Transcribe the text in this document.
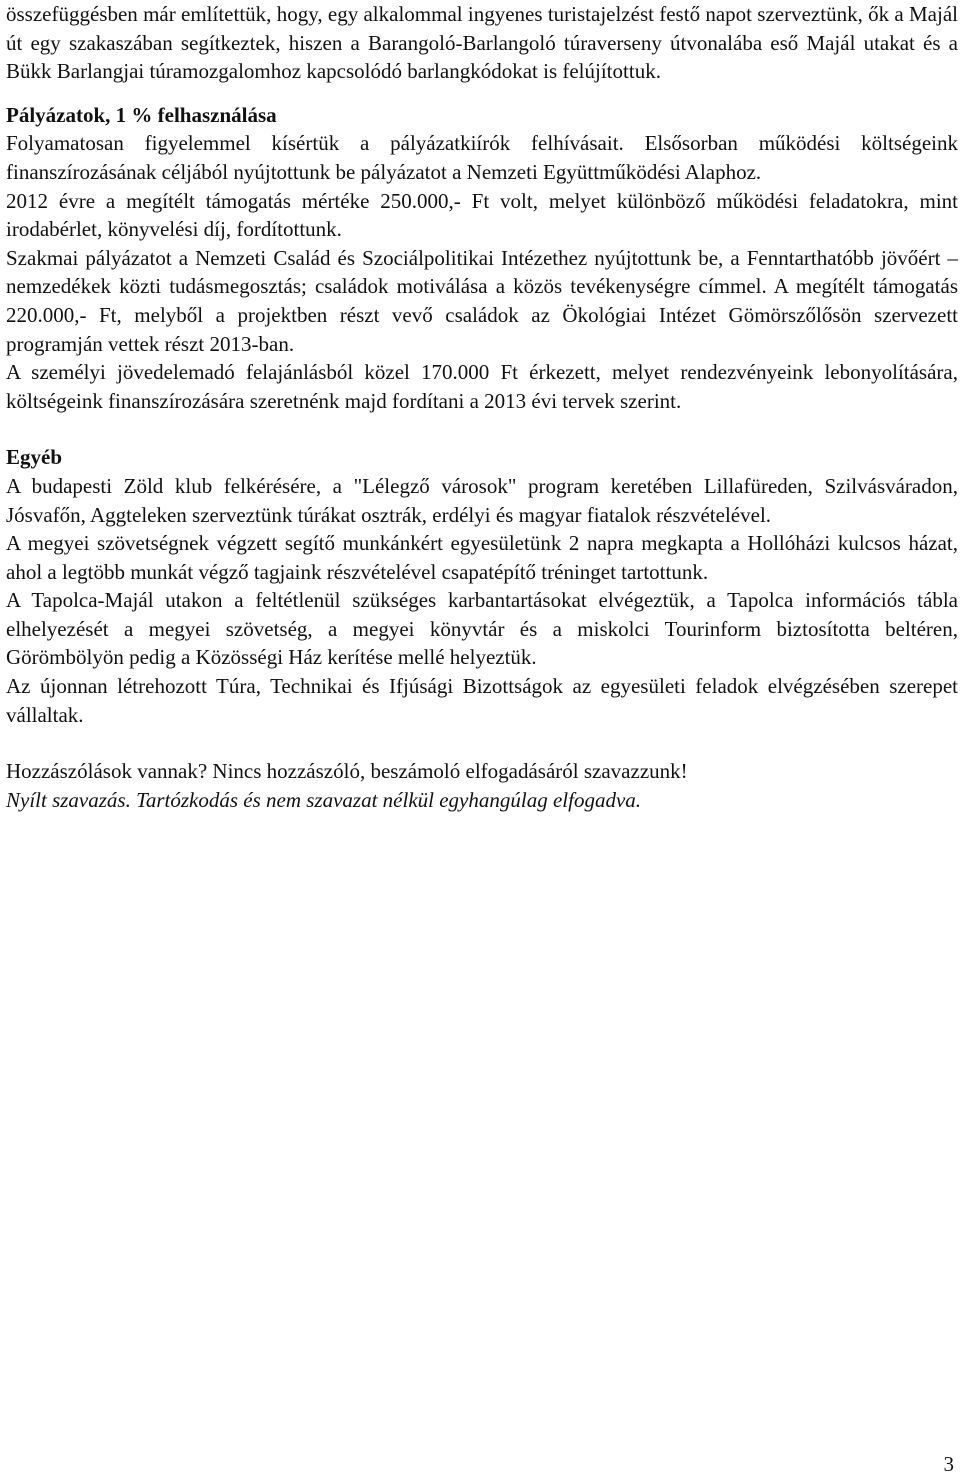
összefüggésben már említettük, hogy, egy alkalommal ingyenes turistajelzést festő napot szerveztünk, ők a Majál út egy szakaszában segítkeztek, hiszen a Barangoló-Barlangoló túraverseny útvonalába eső Majál utakat és a Bükk Barlangjai túramozgalomhoz kapcsolódó barlangkódokat is felújítottuk.

Pályázatok, 1 % felhasználása

Folyamatosan figyelemmel kísértük a pályázatkiírók felhívásait. Elsősorban működési költségeink finanszírozásának céljából nyújtottunk be pályázatot a Nemzeti Együttműködési Alaphoz.

2012 évre a megítélt támogatás mértéke 250.000,- Ft volt, melyet különböző működési feladatokra, mint irodabérlet, könyvelési díj, fordítottunk.

Szakmai pályázatot a Nemzeti Család és Szociálpolitikai Intézethez nyújtottunk be, a Fenntarthatóbb jövőért – nemzedékek közti tudásmegosztás; családok motiválása a közös tevékenységre címmel. A megítélt támogatás 220.000,- Ft, melyből a projektben részt vevő családok az Ökológiai Intézet Gömörszőlősön szervezett programján vettek részt 2013-ban.

A személyi jövedelemadó felajánlásból közel 170.000 Ft érkezett, melyet rendezvényeink lebonyolítására, költségeink finanszírozására szeretnénk majd fordítani a 2013 évi tervek szerint.

Egyéb

A budapesti Zöld klub felkérésére, a "Lélegző városok" program keretében Lillafüreden, Szilvásváradon, Jósvafőn, Aggteleken szerveztünk túrákat osztrák, erdélyi és magyar fiatalok részvételével.

A megyei szövetségnek végzett segítő munkánkért egyesületünk 2 napra megkapta a Hollóházi kulcsos házat, ahol a legtöbb munkát végző tagjaink részvételével csapatépítő tréninget tartottunk.

A Tapolca-Majál utakon a feltétlenül szükséges karbantartásokat elvégeztük, a Tapolca információs tábla elhelyezését a megyei szövetség, a megyei könyvtár és a miskolci Tourinform biztosította beltéren, Görömbölyön pedig a Közösségi Ház kerítése mellé helyeztük.

Az újonnan létrehozott Túra, Technikai és Ifjúsági Bizottságok az egyesületi feladok elvégzésében szerepet vállaltak.

Hozzászólások vannak? Nincs hozzászóló, beszámoló elfogadásáról szavazzunk!

Nyílt szavazás. Tartózkodás és nem szavazat nélkül egyhangúlag elfogadva.

3
